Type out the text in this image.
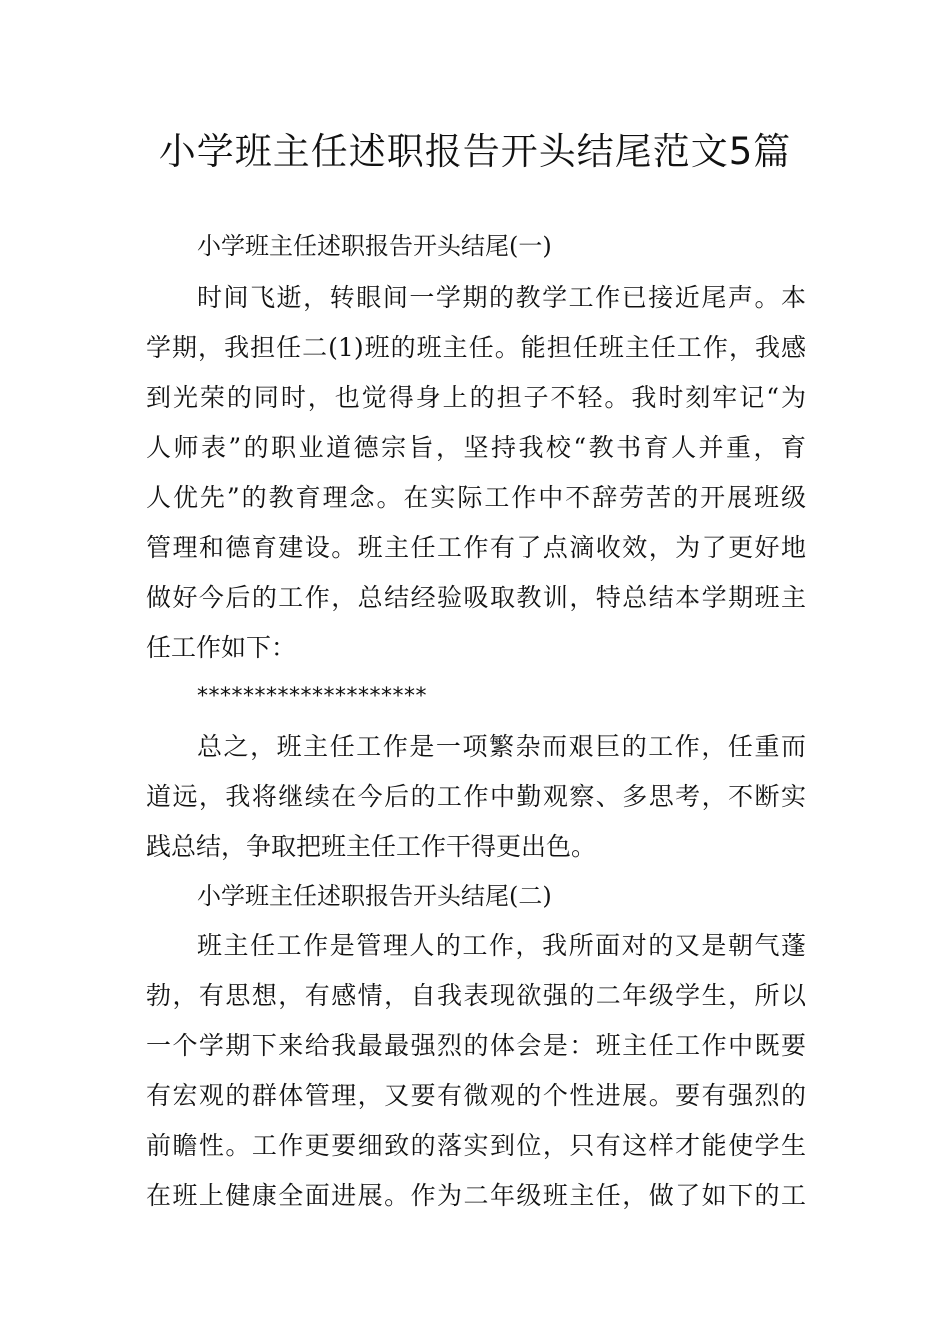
小学班主任述职报告开头结尾范文5篇
小学班主任述职报告开头结尾(一)
时间飞逝，转眼间一学期的教学工作已接近尾声。本
学期，我担任二(1)班的班主任。能担任班主任工作，我感
到光荣的同时，也觉得身上的担子不轻。我时刻牢记“为
人师表”的职业道德宗旨，坚持我校“教书育人并重，育
人优先”的教育理念。在实际工作中不辞劳苦的开展班级
管理和德育建设。班主任工作有了点滴收效，为了更好地
做好今后的工作，总结经验吸取教训，特总结本学期班主
任工作如下：
********************
总之，班主任工作是一项繁杂而艰巨的工作，任重而
道远，我将继续在今后的工作中勤观察、多思考，不断实
践总结，争取把班主任工作干得更出色。
小学班主任述职报告开头结尾(二)
班主任工作是管理人的工作，我所面对的又是朝气蓬
勃，有思想，有感情，自我表现欲强的二年级学生，所以
一个学期下来给我最最强烈的体会是：班主任工作中既要
有宏观的群体管理，又要有微观的个性进展。要有强烈的
前瞻性。工作更要细致的落实到位，只有这样才能使学生
在班上健康全面进展。作为二年级班主任，做了如下的工
